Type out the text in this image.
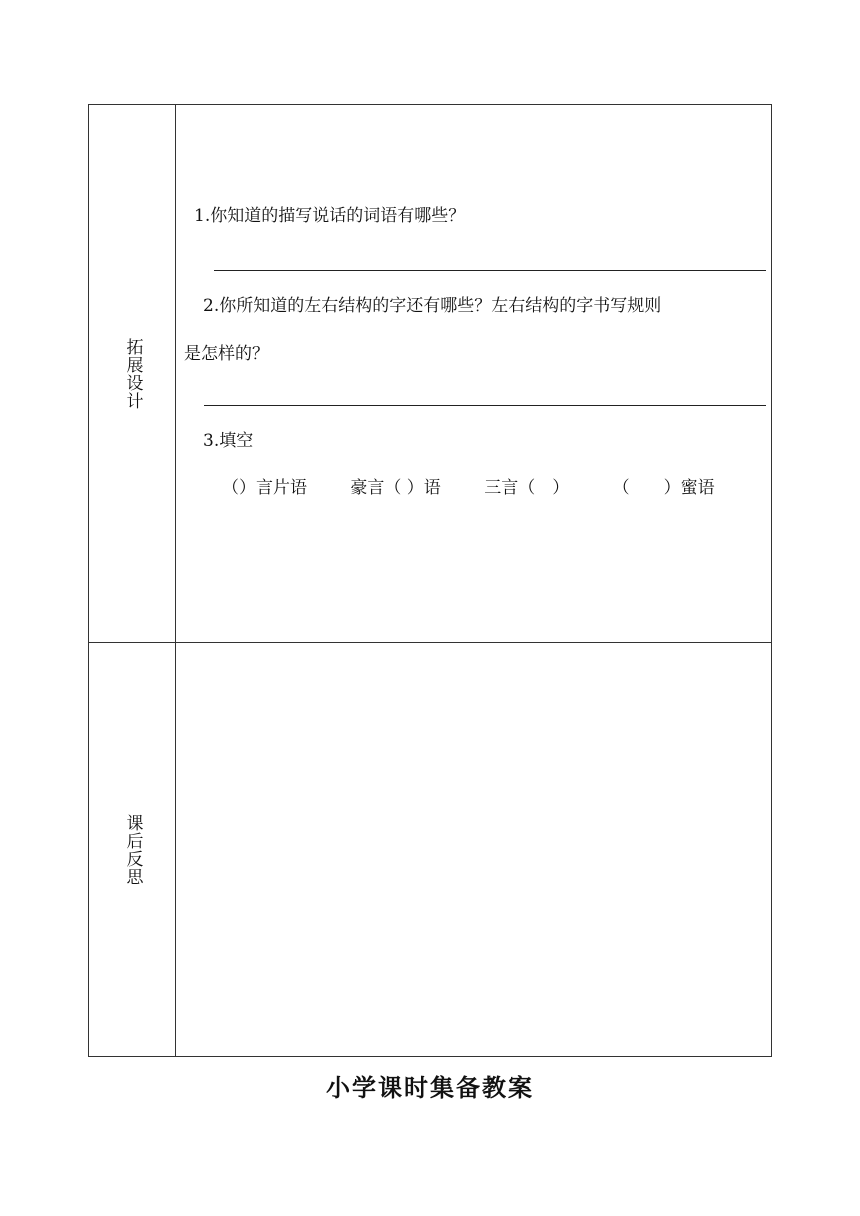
拓展设计	1.你知道的描写说话的词语有哪些？
2.你所知道的左右结构的字还有哪些？左右结构的字书写规则
是怎样的？
3.填空
（）言片语 豪言（ ）语 三言（　） （　　）蜜语

课后反思	

小学课时集备教案
